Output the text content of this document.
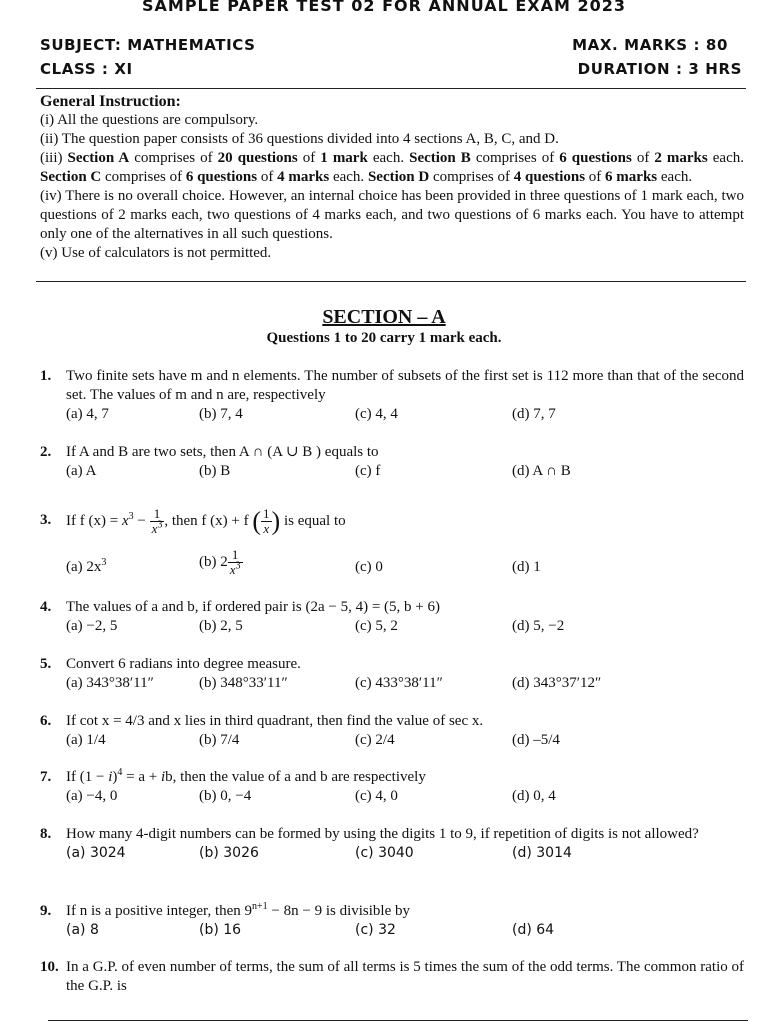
SAMPLE PAPER TEST 02 FOR ANNUAL EXAM 2023
SUBJECT: MATHEMATICS	MAX. MARKS : 80
CLASS : XI	DURATION : 3 HRS
General Instruction:

(i) All the questions are compulsory.

(ii) The question paper consists of 36 questions divided into 4 sections A, B, C, and D.

(iii) Section A comprises of 20 questions of 1 mark each. Section B comprises of 6 questions of 2 marks each. Section C comprises of 6 questions of 4 marks each. Section D comprises of 4 questions of 6 marks each.

(iv) There is no overall choice. However, an internal choice has been provided in three questions of 1 mark each, two questions of 2 marks each, two questions of 4 marks each, and two questions of 6 marks each. You have to attempt only one of the alternatives in all such questions.

(v) Use of calculators is not permitted.

SECTION – A
Questions 1 to 20 carry 1 mark each.
1. Two finite sets have m and n elements. The number of subsets of the first set is 112 more than that of the second set. The values of m and n are, respectively
(a) 4, 7	(b) 7, 4	(c) 4, 4	(d) 7, 7
2. If A and B are two sets, then A ∩ (A ∪ B ) equals to
(a) A	(b) B	(c) f	(d) A ∩ B
3. If f $(x) = x^3 - \frac{1}{x^3}$ , then f (x) + f ( $\frac{1}{x}$ ) is equal to
(a) $2x^3$	(b) $2 \frac{1}{x^3}$	(c) 0	(d) 1
4. The values of a and b, if ordered pair is (2a − 5, 4) = (5, b + 6)
(a) −2, 5	(b) 2, 5	(c) 5, 2	(d) 5, −2
5. Convert 6 radians into degree measure.
(a) 343°38′11″	(b) 348°33′11″	(c) 433°38′11″	(d) 343°37′12″
6. If cot x = 4/3 and x lies in third quadrant, then find the value of sec x.
(a) 1/4	(b) 7/4	(c) 2/4	(d) –5/4
7. If $(1 - i)^4 = a$ + ib, then the value of a and b are respectively
(a) −4, 0	(b) 0, −4	(c) 4, 0	(d) 0, 4
8. How many 4-digit numbers can be formed by using the digits 1 to 9, if repetition of digits is not allowed?
(a) 3024	(b) 3026	(c) 3040	(d) 3014
9. If n is a positive integer, then $9^{n+1} - 8n - 9$ is divisible by
(a) 8	(b) 16	(c) 32	(d) 64
10. In a G.P. of even number of terms, the sum of all terms is 5 times the sum of the odd terms. The common ratio of the G.P. is
